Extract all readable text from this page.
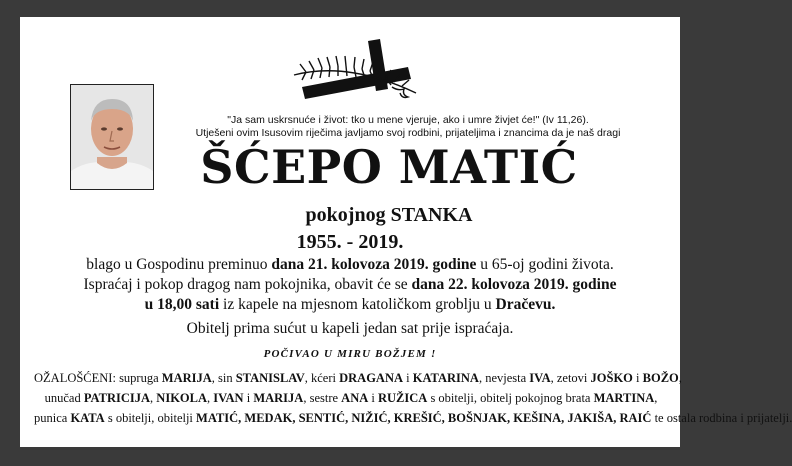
"Ja sam uskrsnuće i život: tko u mene vjeruje, ako i umre živjet će!" (Iv 11,26).
Utješeni ovim Isusovim riječima javljamo svoj rodbini, prijateljima i znancima da je naš dragi
ŠĆEPO MATIĆ
pokojnog STANKA
1955. - 2019.
blago u Gospodinu preminuo dana 21. kolovoza 2019. godine u 65-oj godini života.
Ispraćaj i pokop dragog nam pokojnika, obavit će se dana 22. kolovoza 2019. godine
u 18,00 sati iz kapele na mjesnom katoličkom groblju u Dračevu.
Obitelj prima sućut u kapeli jedan sat prije ispraćaja.
POČIVAO U MIRU BOŽJEM !
OŽALOŠĆENI: supruga MARIJA, sin STANISLAV, kćeri DRAGANA i KATARINA, nevjesta IVA, zetovi JOŠKO i BOŽO,
unučad PATRICIJA, NIKOLA, IVAN i MARIJA, sestre ANA i RUŽICA s obitelji, obitelj pokojnog brata MARTINA,
punica KATA s obitelji, obitelji MATIĆ, MEDAK, SENTIĆ, NIŽIĆ, KREŠIĆ, BOŠNJAK, KEŠINA, JAKIŠA, RAIĆ te ostala rodbina i prijatelji.
